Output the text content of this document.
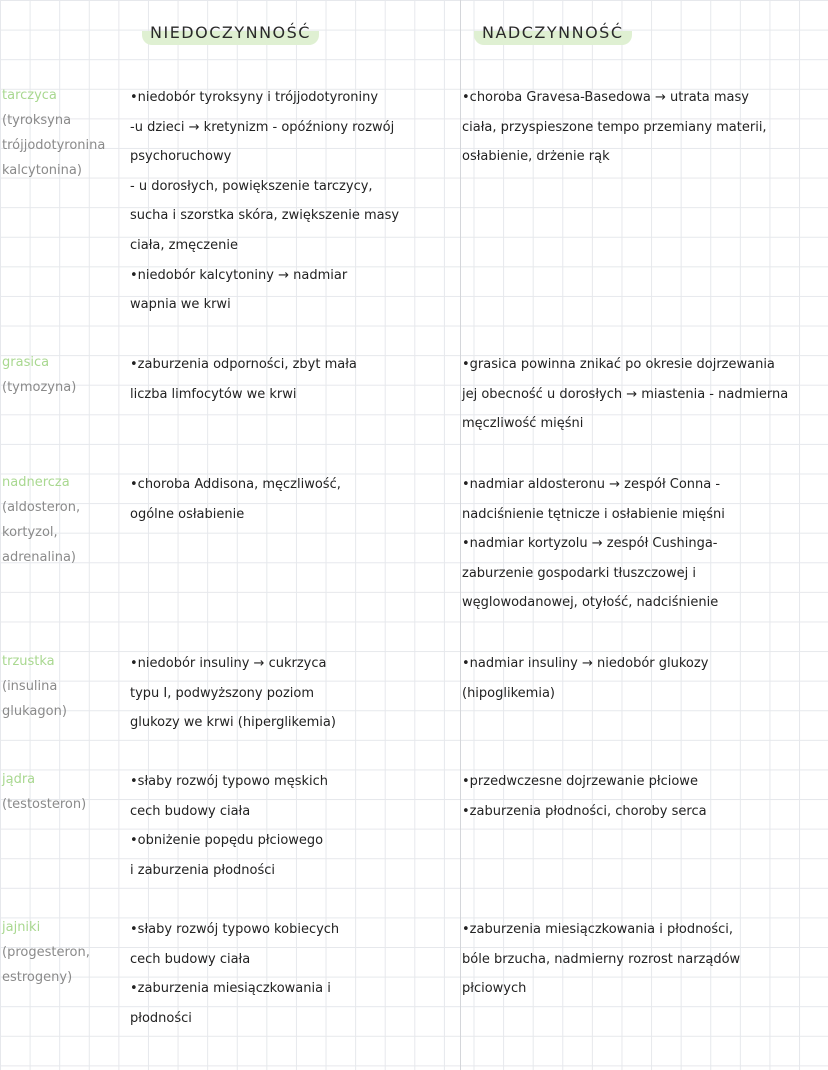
NIEDOCZYNNOŚĆ	NADCZYNNOŚĆ
tarczyca
(tyroksyna
trójjodotyronina
kalcytonina)
•niedobór tyroksyny i trójjodotyroniny
-u dzieci → kretynizm - opóźniony rozwój
psychoruchowy
- u dorosłych, powiększenie tarczycy,
sucha i szorstka skóra, zwiększenie masy
ciała, zmęczenie
•niedobór kalcytoniny → nadmiar
wapnia we krwi
•choroba Gravesa-Basedowa → utrata masy
ciała, przyspieszone tempo przemiany materii,
osłabienie, drżenie rąk
grasica
(tymozyna)
•zaburzenia odporności, zbyt mała
liczba limfocytów we krwi
•grasica powinna znikać po okresie dojrzewania
jej obecność u dorosłych → miastenia - nadmierna
męczliwość mięśni
nadnercza
(aldosteron,
kortyzol,
adrenalina)
•choroba Addisona, męczliwość,
ogólne osłabienie
•nadmiar aldosteronu → zespół Conna -
nadciśnienie tętnicze i osłabienie mięśni
•nadmiar kortyzolu → zespół Cushinga-
zaburzenie gospodarki tłuszczowej i
węglowodanowej, otyłość, nadciśnienie
trzustka
(insulina
glukagon)
•niedobór insuliny → cukrzyca
typu I, podwyższony poziom
glukozy we krwi (hiperglikemia)
•nadmiar insuliny → niedobór glukozy
(hipoglikemia)
jądra
(testosteron)
•słaby rozwój typowo męskich
cech budowy ciała
•obniżenie popędu płciowego
i zaburzenia płodności
•przedwczesne dojrzewanie płciowe
•zaburzenia płodności, choroby serca
jajniki
(progesteron,
estrogeny)
•słaby rozwój typowo kobiecych
cech budowy ciała
•zaburzenia miesiączkowania i
płodności
•zaburzenia miesiączkowania i płodności,
bóle brzucha, nadmierny rozrost narządów
płciowych
